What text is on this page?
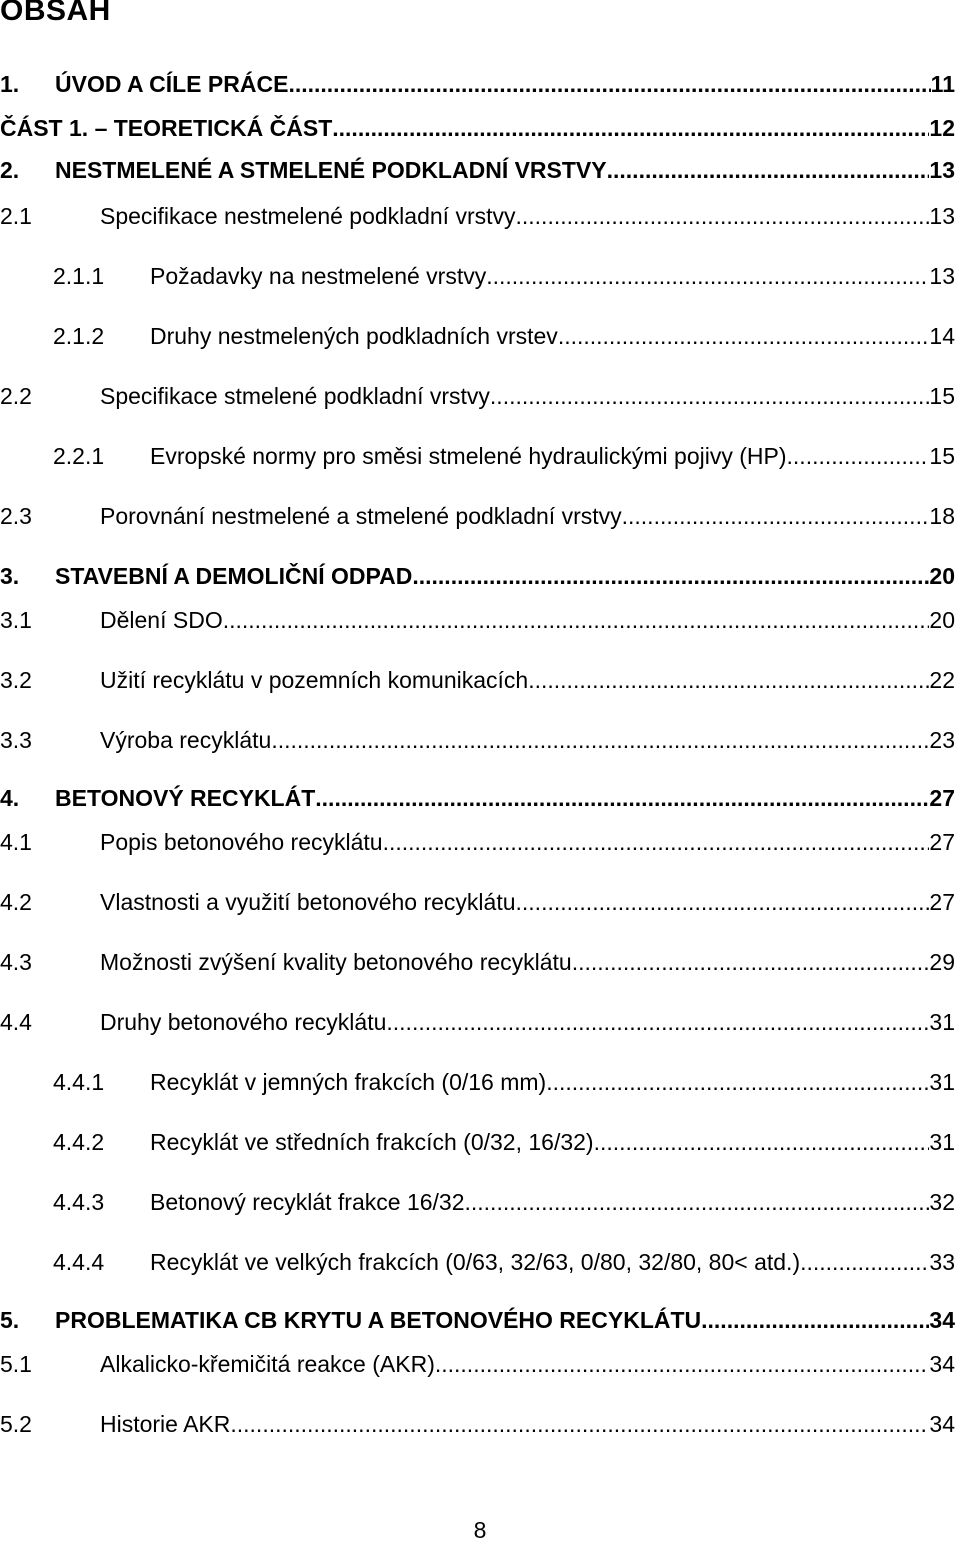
OBSAH
1. ÚVOD A CÍLE PRÁCE .....	11
ČÁST 1. – TEORETICKÁ ČÁST .....	12
2. NESTMELENÉ A STMELENÉ PODKLADNÍ VRSTVY .....	13
2.1	Specifikace nestmelené podkladní vrstvy .....	13
2.1.1 Požadavky na nestmelené vrstvy .....	13
2.1.2 Druhy nestmelených podkladních vrstev .....	14
2.2	Specifikace stmelené podkladní vrstvy .....	15
2.2.1 Evropské normy pro směsi stmelené hydraulickými pojivy (HP) .....	15
2.3	Porovnání nestmelené a stmelené podkladní vrstvy .....	18
3. STAVEBNÍ A DEMOLIČNÍ ODPAD .....	20
3.1	Dělení SDO .....	20
3.2	Užití recyklátu v pozemních komunikacích .....	22
3.3	Výroba recyklátu .....	23
4. BETONOVÝ RECYKLÁT .....	27
4.1	Popis betonového recyklátu .....	27
4.2	Vlastnosti a využití betonového recyklátu .....	27
4.3	Možnosti zvýšení kvality betonového recyklátu .....	29
4.4	Druhy betonového recyklátu .....	31
4.4.1 Recyklát v jemných frakcích (0/16 mm) .....	31
4.4.2 Recyklát ve středních frakcích (0/32, 16/32) .....	31
4.4.3 Betonový recyklát frakce 16/32 .....	32
4.4.4 Recyklát ve velkých frakcích (0/63, 32/63, 0/80, 32/80, 80< atd.) .....	33
5. PROBLEMATIKA CB KRYTU A BETONOVÉHO RECYKLÁTU .....	34
5.1	Alkalicko-křemičitá reakce (AKR) .....	34
5.2	Historie AKR .....	34
8
